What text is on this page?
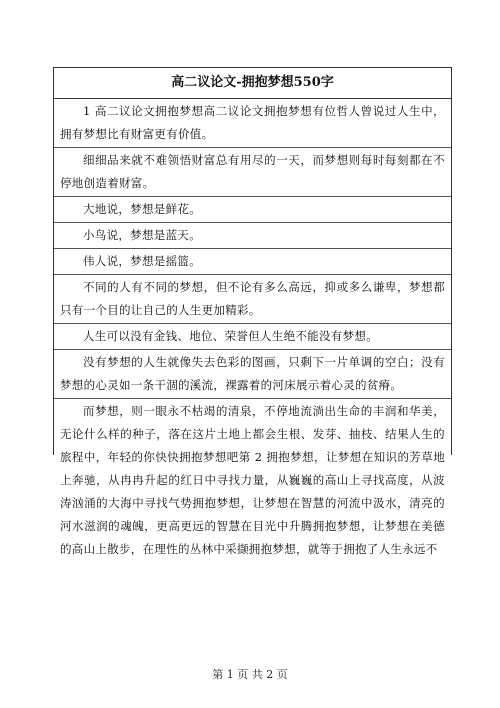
高二议论文-拥抱梦想550字
1 高二议论文拥抱梦想高二议论文拥抱梦想有位哲人曾说过人生中，拥有梦想比有财富更有价值。
细细品来就不难领悟财富总有用尽的一天，而梦想则每时每刻都在不停地创造着财富。
大地说，梦想是鲜花。
小鸟说，梦想是蓝天。
伟人说，梦想是摇篮。
不同的人有不同的梦想，但不论有多么高远，抑或多么谦卑，梦想都只有一个目的让自己的人生更加精彩。
人生可以没有金钱、地位、荣誉但人生绝不能没有梦想。
没有梦想的人生就像失去色彩的图画，只剩下一片单调的空白；没有梦想的心灵如一条干涸的溪流，裸露着的河床展示着心灵的贫瘠。
而梦想，则一眼永不枯竭的清泉，不停地流淌出生命的丰润和华美，无论什么样的种子，落在这片土地上都会生根、发芽、抽枝、结果人生的旅程中，年轻的你快快拥抱梦想吧第 2 拥抱梦想，让梦想在知识的芳草地上奔驰，从冉冉升起的红日中寻找力量，从巍巍的高山上寻找高度，从波涛汹涌的大海中寻找气势拥抱梦想，让梦想在智慧的河流中汲水，清亮的河水滋润的魂魄，更高更远的智慧在目光中升腾拥抱梦想，让梦想在美德的高山上散步，在理性的丛林中采撷拥抱梦想，就等于拥抱了人生永远不
第 1 页 共 2 页
